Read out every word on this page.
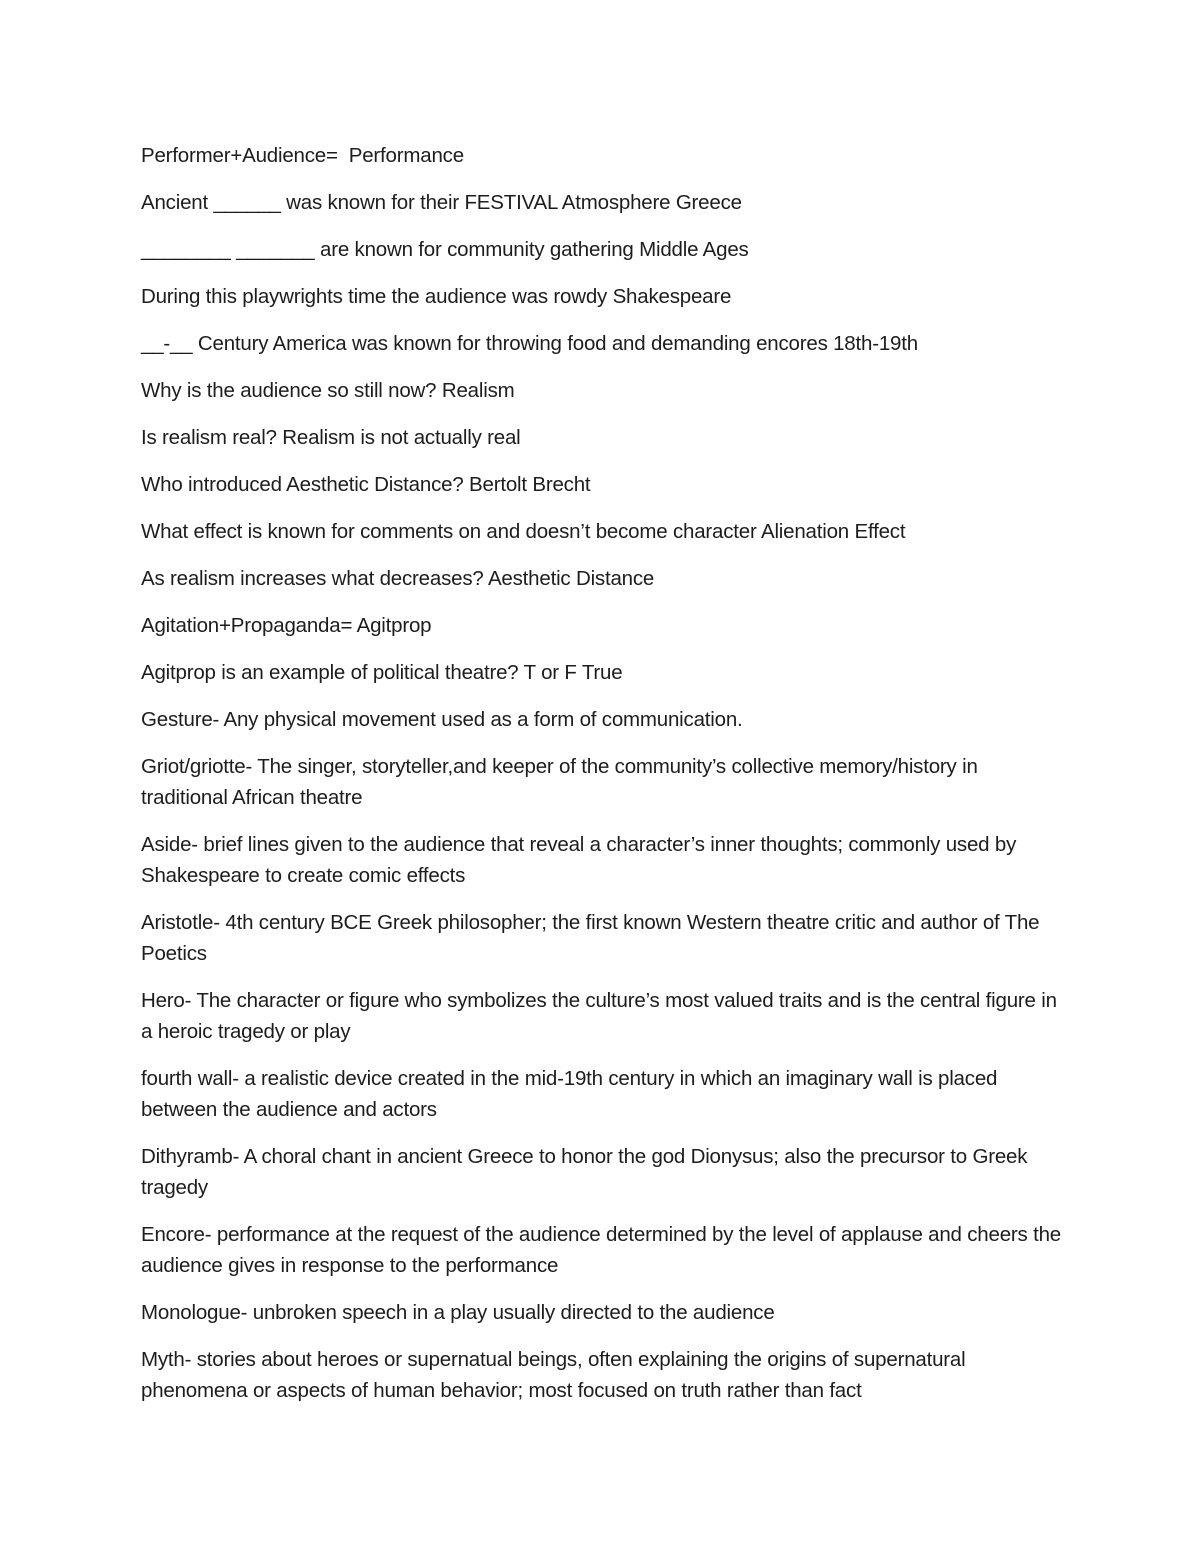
Performer+Audience=  Performance

Ancient ______ was known for their FESTIVAL Atmosphere Greece

________ _______ are known for community gathering Middle Ages

During this playwrights time the audience was rowdy Shakespeare

__-__ Century America was known for throwing food and demanding encores 18th-19th

Why is the audience so still now? Realism

Is realism real? Realism is not actually real

Who introduced Aesthetic Distance? Bertolt Brecht

What effect is known for comments on and doesn’t become character Alienation Effect

As realism increases what decreases? Aesthetic Distance

Agitation+Propaganda= Agitprop

Agitprop is an example of political theatre? T or F True

Gesture- Any physical movement used as a form of communication.

Griot/griotte- The singer, storyteller,and keeper of the community’s collective memory/history in traditional African theatre

Aside- brief lines given to the audience that reveal a character’s inner thoughts; commonly used by Shakespeare to create comic effects

Aristotle- 4th century BCE Greek philosopher; the first known Western theatre critic and author of The Poetics

Hero- The character or figure who symbolizes the culture’s most valued traits and is the central figure in a heroic tragedy or play

fourth wall- a realistic device created in the mid-19th century in which an imaginary wall is placed between the audience and actors

Dithyramb- A choral chant in ancient Greece to honor the god Dionysus; also the precursor to Greek tragedy

Encore- performance at the request of the audience determined by the level of applause and cheers the audience gives in response to the performance

Monologue- unbroken speech in a play usually directed to the audience

Myth- stories about heroes or supernatual beings, often explaining the origins of supernatural phenomena or aspects of human behavior; most focused on truth rather than fact
